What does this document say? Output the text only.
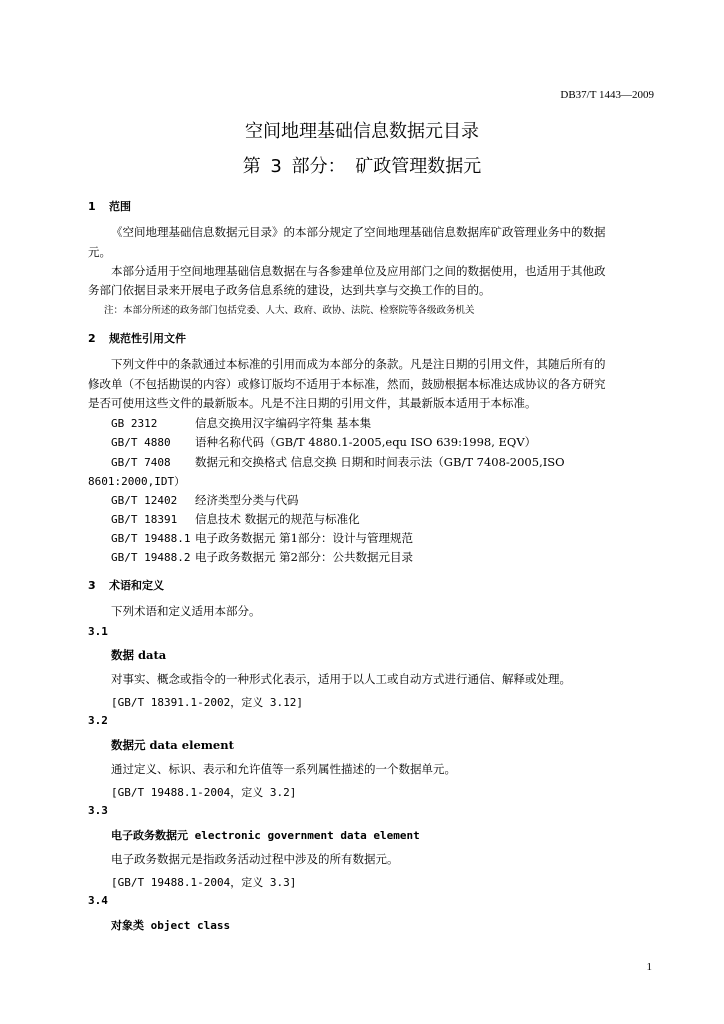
DB37/T 1443—2009
空间地理基础信息数据元目录
第 3 部分： 矿政管理数据元
1 范围
《空间地理基础信息数据元目录》的本部分规定了空间地理基础信息数据库矿政管理业务中的数据
元。
本部分适用于空间地理基础信息数据在与各参建单位及应用部门之间的数据使用，也适用于其他政
务部门依据目录来开展电子政务信息系统的建设，达到共享与交换工作的目的。
注：本部分所述的政务部门包括党委、人大、政府、政协、法院、检察院等各级政务机关
2 规范性引用文件
下列文件中的条款通过本标准的引用而成为本部分的条款。凡是注日期的引用文件，其随后所有的
修改单（不包括勘误的内容）或修订版均不适用于本标准，然而，鼓励根据本标准达成协议的各方研究
是否可使用这些文件的最新版本。凡是不注日期的引用文件，其最新版本适用于本标准。
GB 2312	信息交换用汉字编码字符集 基本集
GB/T 4880 语种名称代码（GB/T 4880.1-2005,equ ISO 639:1998, EQV）
GB/T 7408 数据元和交换格式 信息交换 日期和时间表示法（GB/T 7408-2005,ISO
8601:2000,IDT）
GB/T 12402 经济类型分类与代码
GB/T 18391 信息技术 数据元的规范与标准化
GB/T 19488.1 电子政务数据元 第1部分：设计与管理规范
GB/T 19488.2 电子政务数据元 第2部分：公共数据元目录
3 术语和定义
下列术语和定义适用本部分。
3.1
数据 data
对事实、概念或指令的一种形式化表示，适用于以人工或自动方式进行通信、解释或处理。
[GB/T 18391.1-2002，定义 3.12]
3.2
数据元 data element
通过定义、标识、表示和允许值等一系列属性描述的一个数据单元。
[GB/T 19488.1-2004，定义 3.2]
3.3
电子政务数据元 electronic government data element
电子政务数据元是指政务活动过程中涉及的所有数据元。
[GB/T 19488.1-2004，定义 3.3]
3.4
对象类 object class
1
